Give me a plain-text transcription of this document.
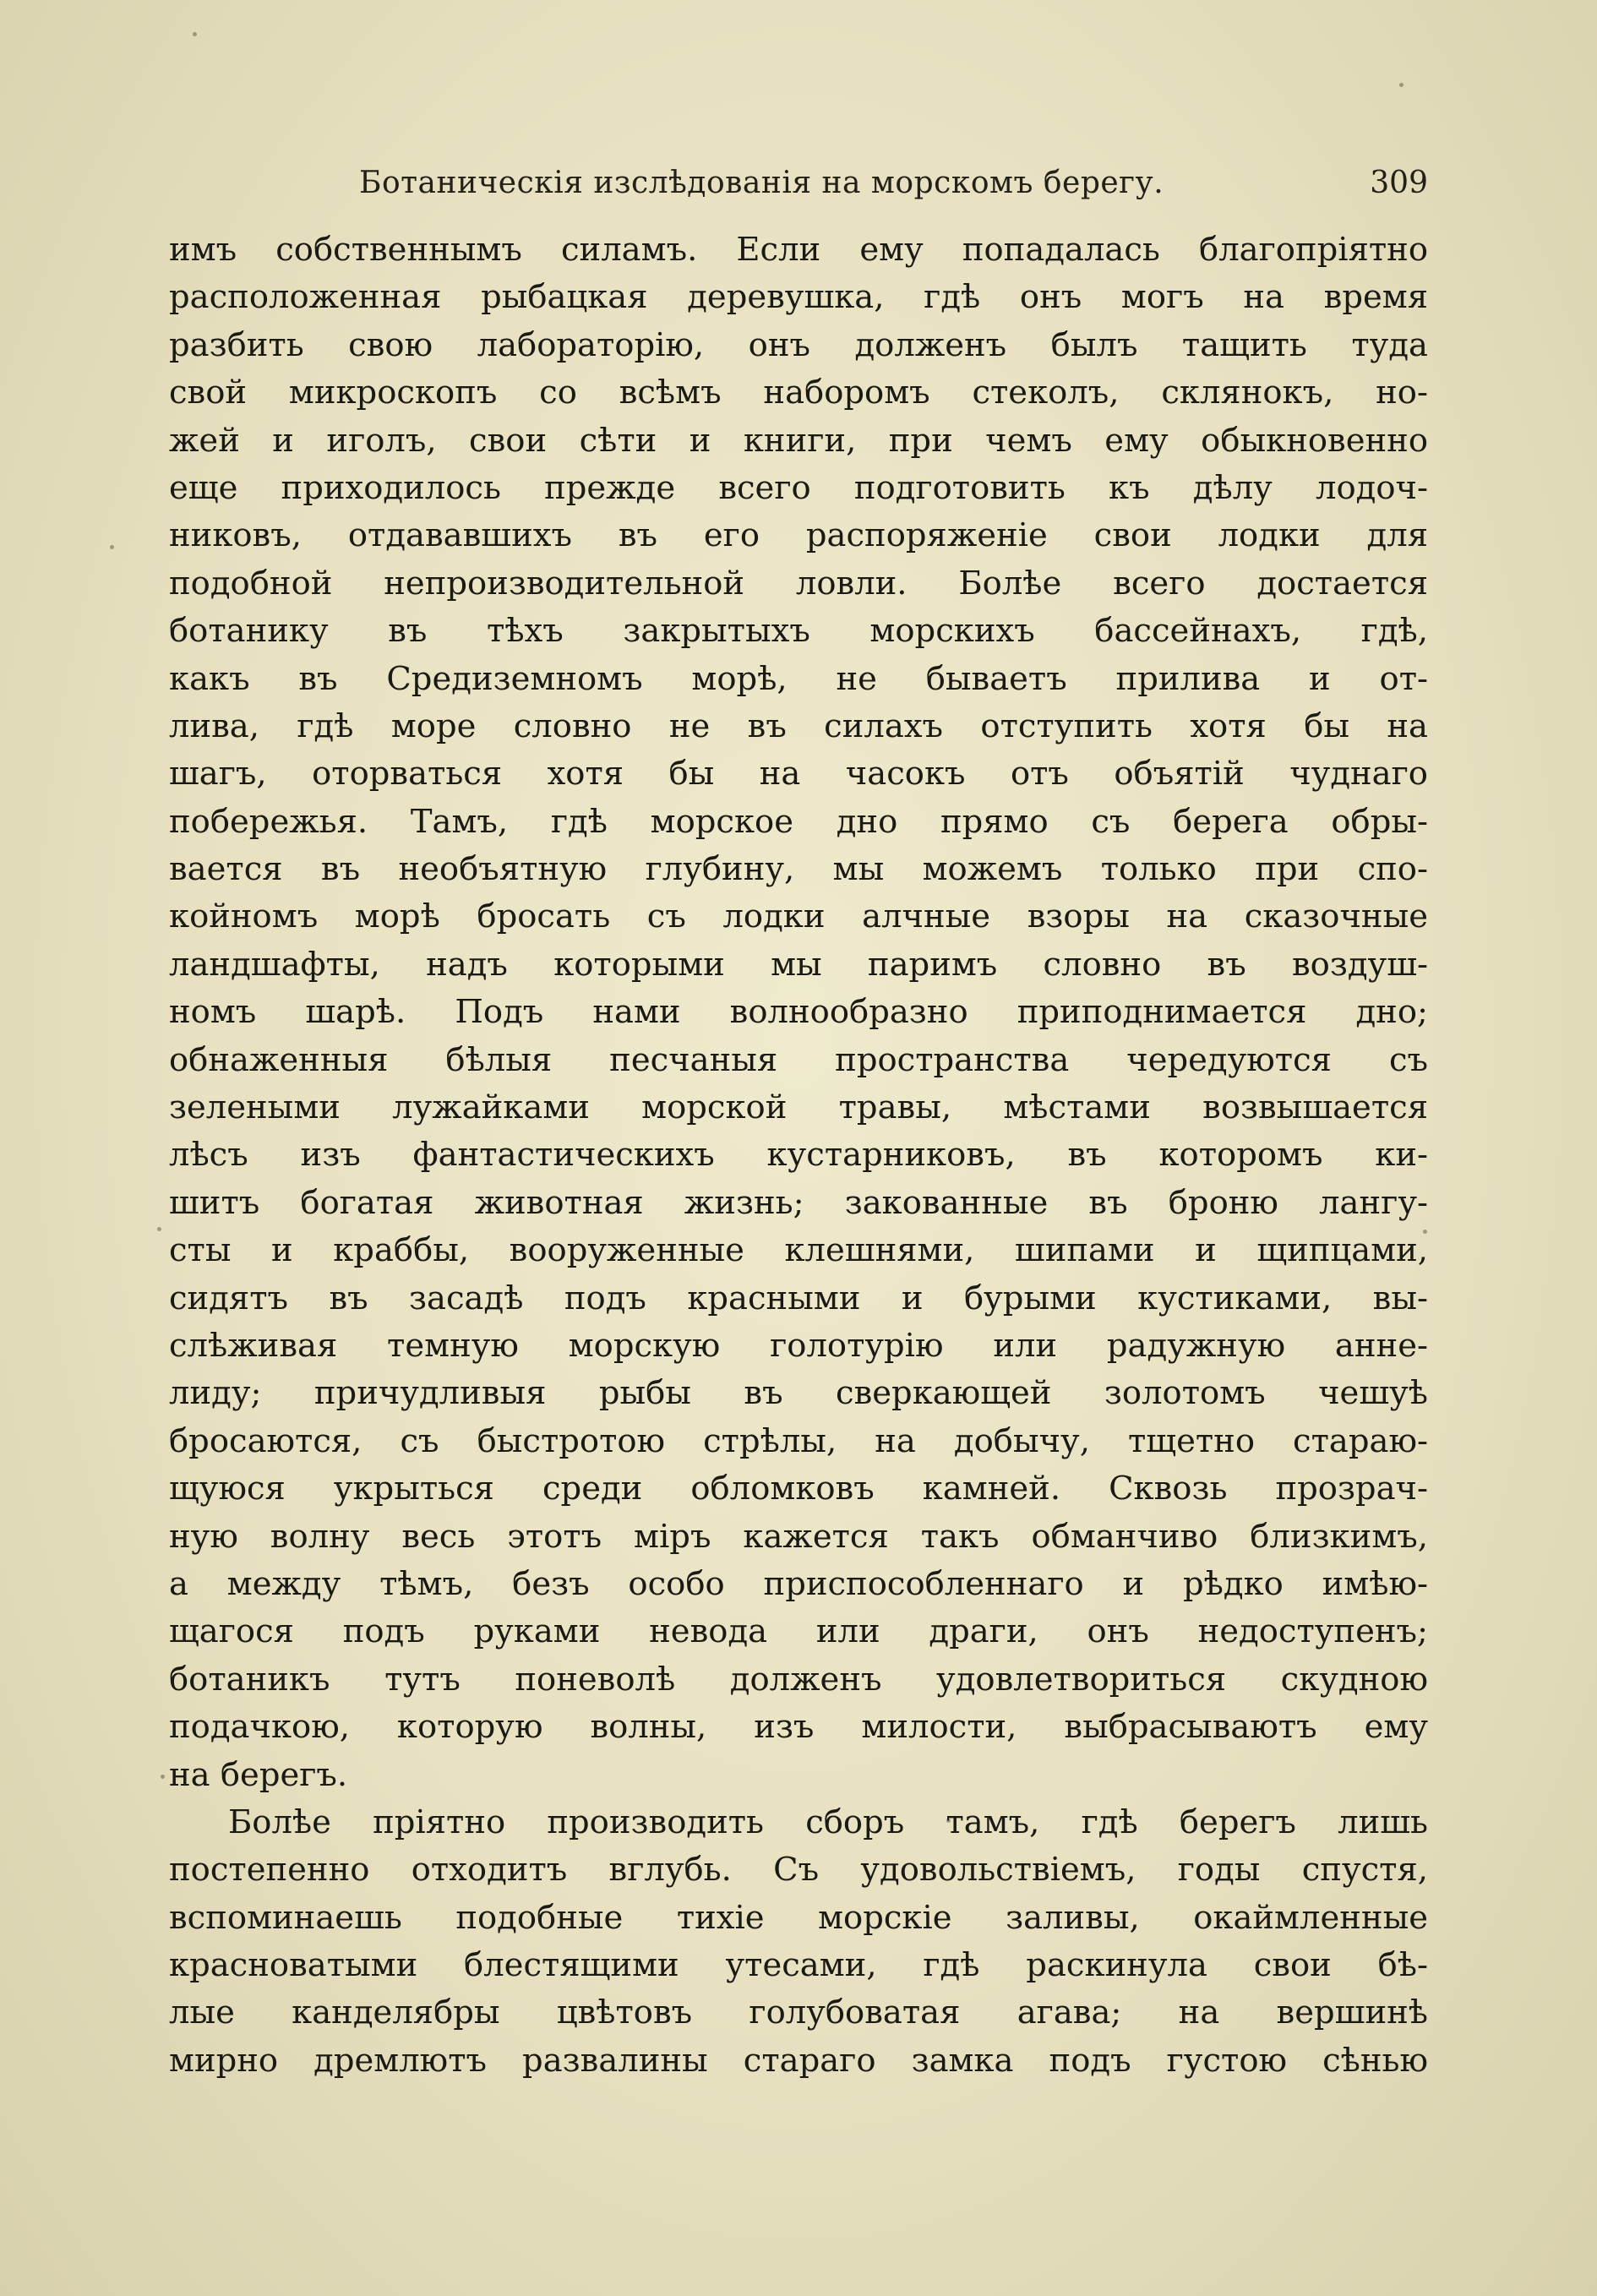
Ботаническія изслѣдованія на морскомъ берегу.	309
имъ собственнымъ силамъ. Если ему попадалась благопріятно
расположенная рыбацкая деревушка, гдѣ онъ могъ на время
разбить свою лабораторію, онъ долженъ былъ тащить туда
свой микроскопъ со всѣмъ наборомъ стеколъ, склянокъ, но-
жей и иголъ, свои сѣти и книги, при чемъ ему обыкновенно
еще приходилось прежде всего подготовить къ дѣлу лодоч-
никовъ, отдававшихъ въ его распоряженіе свои лодки для
подобной непроизводительной ловли. Болѣе всего достается
ботанику въ тѣхъ закрытыхъ морскихъ бассейнахъ, гдѣ,
какъ въ Средиземномъ морѣ, не бываетъ прилива и от-
лива, гдѣ море словно не въ силахъ отступить хотя бы на
шагъ, оторваться хотя бы на часокъ отъ объятій чуднаго
побережья. Тамъ, гдѣ морское дно прямо съ берега обры-
вается въ необъятную глубину, мы можемъ только при спо-
койномъ морѣ бросать съ лодки алчные взоры на сказочные
ландшафты, надъ которыми мы паримъ словно въ воздуш-
номъ шарѣ. Подъ нами волнообразно приподнимается дно;
обнаженныя бѣлыя песчаныя пространства чередуются съ
зелеными лужайками морской травы, мѣстами возвышается
лѣсъ изъ фантастическихъ кустарниковъ, въ которомъ ки-
шитъ богатая животная жизнь; закованные въ броню лангу-
сты и краббы, вооруженные клешнями, шипами и щипцами,
сидятъ въ засадѣ подъ красными и бурыми кустиками, вы-
слѣживая темную морскую голотурію или радужную анне-
лиду; причудливыя рыбы въ сверкающей золотомъ чешуѣ
бросаются, съ быстротою стрѣлы, на добычу, тщетно стараю-
щуюся укрыться среди обломковъ камней. Сквозь прозрач-
ную волну весь этотъ міръ кажется такъ обманчиво близкимъ,
а между тѣмъ, безъ особо приспособленнаго и рѣдко имѣю-
щагося подъ руками невода или драги, онъ недоступенъ;
ботаникъ тутъ поневолѣ долженъ удовлетвориться скудною
подачкою, которую волны, изъ милости, выбрасываютъ ему
на берегъ.
Болѣе пріятно производить сборъ тамъ, гдѣ берегъ лишь
постепенно отходитъ вглубь. Съ удовольствіемъ, годы спустя,
вспоминаешь подобные тихіе морскіе заливы, окаймленные
красноватыми блестящими утесами, гдѣ раскинула свои бѣ-
лые канделябры цвѣтовъ голубоватая агава; на вершинѣ
мирно дремлютъ развалины стараго замка подъ густою сѣнью
